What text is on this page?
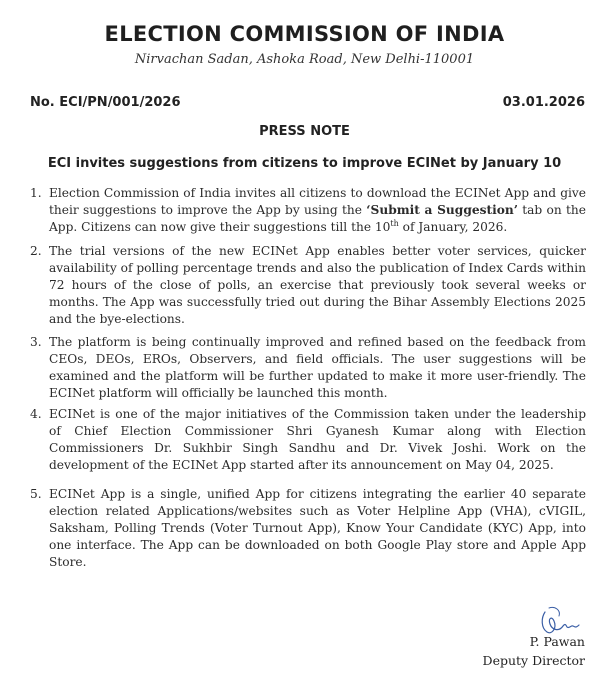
ELECTION COMMISSION OF INDIA
Nirvachan Sadan, Ashoka Road, New Delhi-110001
No. ECI/PN/001/2026	03.01.2026
PRESS NOTE
ECI invites suggestions from citizens to improve ECINet by January 10
1. Election Commission of India invites all citizens to download the ECINet App and give
their suggestions to improve the App by using the ‘Submit a Suggestion’ tab on the
App. Citizens can now give their suggestions till the 10th of January, 2026.
2. The trial versions of the new ECINet App enables better voter services, quicker
availability of polling percentage trends and also the publication of Index Cards within
72 hours of the close of polls, an exercise that previously took several weeks or
months. The App was successfully tried out during the Bihar Assembly Elections 2025
and the bye-elections.
3. The platform is being continually improved and refined based on the feedback from
CEOs, DEOs, EROs, Observers, and field officials. The user suggestions will be
examined and the platform will be further updated to make it more user-friendly. The
ECINet platform will officially be launched this month.
4. ECINet is one of the major initiatives of the Commission taken under the leadership
of Chief Election Commissioner Shri Gyanesh Kumar along with Election
Commissioners Dr. Sukhbir Singh Sandhu and Dr. Vivek Joshi. Work on the
development of the ECINet App started after its announcement on May 04, 2025.
5. ECINet App is a single, unified App for citizens integrating the earlier 40 separate
election related Applications/websites such as Voter Helpline App (VHA), cVIGIL,
Saksham, Polling Trends (Voter Turnout App), Know Your Candidate (KYC) App, into
one interface. The App can be downloaded on both Google Play store and Apple App
Store.
P. Pawan
Deputy Director
